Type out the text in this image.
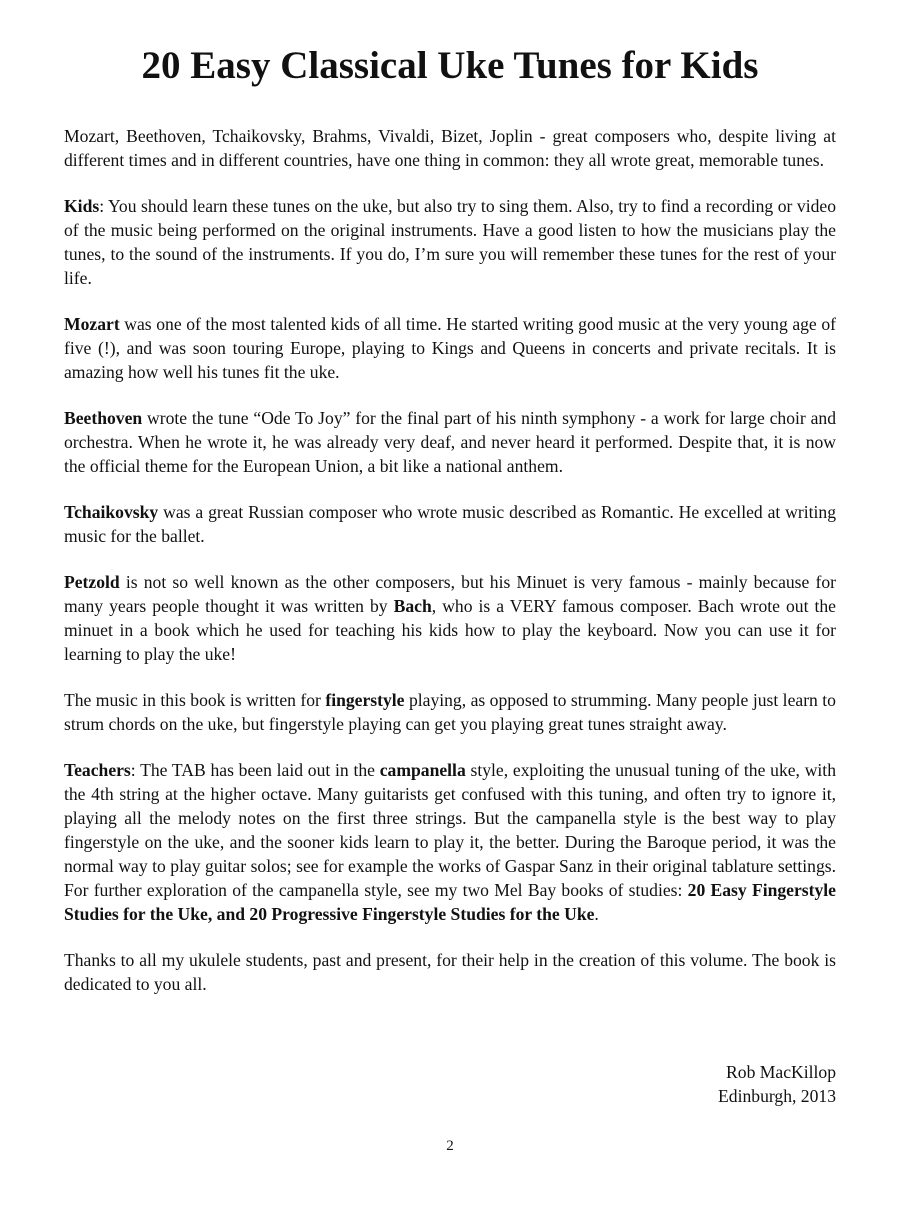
20 Easy Classical Uke Tunes for Kids

Mozart, Beethoven, Tchaikovsky, Brahms, Vivaldi, Bizet, Joplin - great composers who, despite living at different times and in different countries, have one thing in common: they all wrote great, memorable tunes.

Kids: You should learn these tunes on the uke, but also try to sing them. Also, try to find a recording or video of the music being performed on the original instruments. Have a good listen to how the musicians play the tunes, to the sound of the instruments. If you do, I’m sure you will remember these tunes for the rest of your life.

Mozart was one of the most talented kids of all time. He started writing good music at the very young age of five (!), and was soon touring Europe, playing to Kings and Queens in concerts and private recitals. It is amazing how well his tunes fit the uke.

Beethoven wrote the tune “Ode To Joy” for the final part of his ninth symphony - a work for large choir and orchestra. When he wrote it, he was already very deaf, and never heard it performed. Despite that, it is now the official theme for the European Union, a bit like a national anthem.

Tchaikovsky was a great Russian composer who wrote music described as Romantic. He excelled at writing music for the ballet.

Petzold is not so well known as the other composers, but his Minuet is very famous - mainly because for many years people thought it was written by Bach, who is a VERY famous composer. Bach wrote out the minuet in a book which he used for teaching his kids how to play the keyboard. Now you can use it for learning to play the uke!

The music in this book is written for fingerstyle playing, as opposed to strumming. Many people just learn to strum chords on the uke, but fingerstyle playing can get you playing great tunes straight away.

Teachers: The TAB has been laid out in the campanella style, exploiting the unusual tuning of the uke, with the 4th string at the higher octave. Many guitarists get confused with this tuning, and often try to ignore it, playing all the melody notes on the first three strings. But the campanella style is the best way to play fingerstyle on the uke, and the sooner kids learn to play it, the better. During the Baroque period, it was the normal way to play guitar solos; see for example the works of Gaspar Sanz in their original tablature settings. For further exploration of the campanella style, see my two Mel Bay books of studies: 20 Easy Fingerstyle Studies for the Uke, and 20 Progressive Fingerstyle Studies for the Uke.

Thanks to all my ukulele students, past and present, for their help in the creation of this volume. The book is dedicated to you all.

Rob MacKillop
Edinburgh, 2013
2
